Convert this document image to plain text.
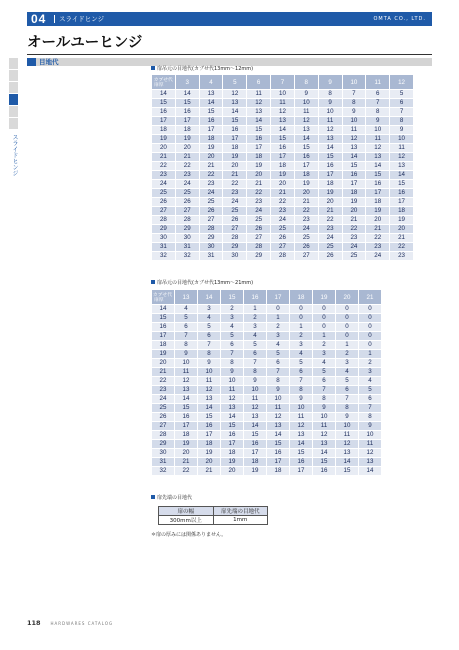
04 スライドヒンジ	OMTA CO., LTD.
オールユーヒンジ
スライドヒンジ
目地代
扉吊元の目地代(カブせ代13mm～12mm)
カブせ代
扉厚	3	4	5	6	7	8	9	10	11	12
14	14	13	12	11	10	9	8	7	6	5
15	15	14	13	12	11	10	9	8	7	6
16	16	15	14	13	12	11	10	9	8	7
17	17	16	15	14	13	12	11	10	9	8
18	18	17	16	15	14	13	12	11	10	9
19	19	18	17	16	15	14	13	12	11	10
20	20	19	18	17	16	15	14	13	12	11
21	21	20	19	18	17	16	15	14	13	12
22	22	21	20	19	18	17	16	15	14	13
23	23	22	21	20	19	18	17	16	15	14
24	24	23	22	21	20	19	18	17	16	15
25	25	24	23	22	21	20	19	18	17	16
26	26	25	24	23	22	21	20	19	18	17
27	27	26	25	24	23	22	21	20	19	18
28	28	27	26	25	24	23	22	21	20	19
29	29	28	27	26	25	24	23	22	21	20
30	30	29	28	27	26	25	24	23	22	21
31	31	30	29	28	27	26	25	24	23	22
32	32	31	30	29	28	27	26	25	24	23
扉吊元の目地代(カブせ代13mm～21mm)
カブせ代
扉厚	13	14	15	16	17	18	19	20	21
14	4	3	2	1	0	0	0	0	0
15	5	4	3	2	1	0	0	0	0
16	6	5	4	3	2	1	0	0	0
17	7	6	5	4	3	2	1	0	0
18	8	7	6	5	4	3	2	1	0
19	9	8	7	6	5	4	3	2	1
20	10	9	8	7	6	5	4	3	2
21	11	10	9	8	7	6	5	4	3
22	12	11	10	9	8	7	6	5	4
23	13	12	11	10	9	8	7	6	5
24	14	13	12	11	10	9	8	7	6
25	15	14	13	12	11	10	9	8	7
26	16	15	14	13	12	11	10	9	8
27	17	16	15	14	13	12	11	10	9
28	18	17	16	15	14	13	12	11	10
29	19	18	17	16	15	14	13	12	11
30	20	19	18	17	16	15	14	13	12
31	21	20	19	18	17	16	15	14	13
32	22	21	20	19	18	17	16	15	14
扉先端の目地代
扉の幅	扉先端の目地代
300mm以上	1mm
＊扉の厚みには関係ありません。
118 HARDWARES CATALOG
